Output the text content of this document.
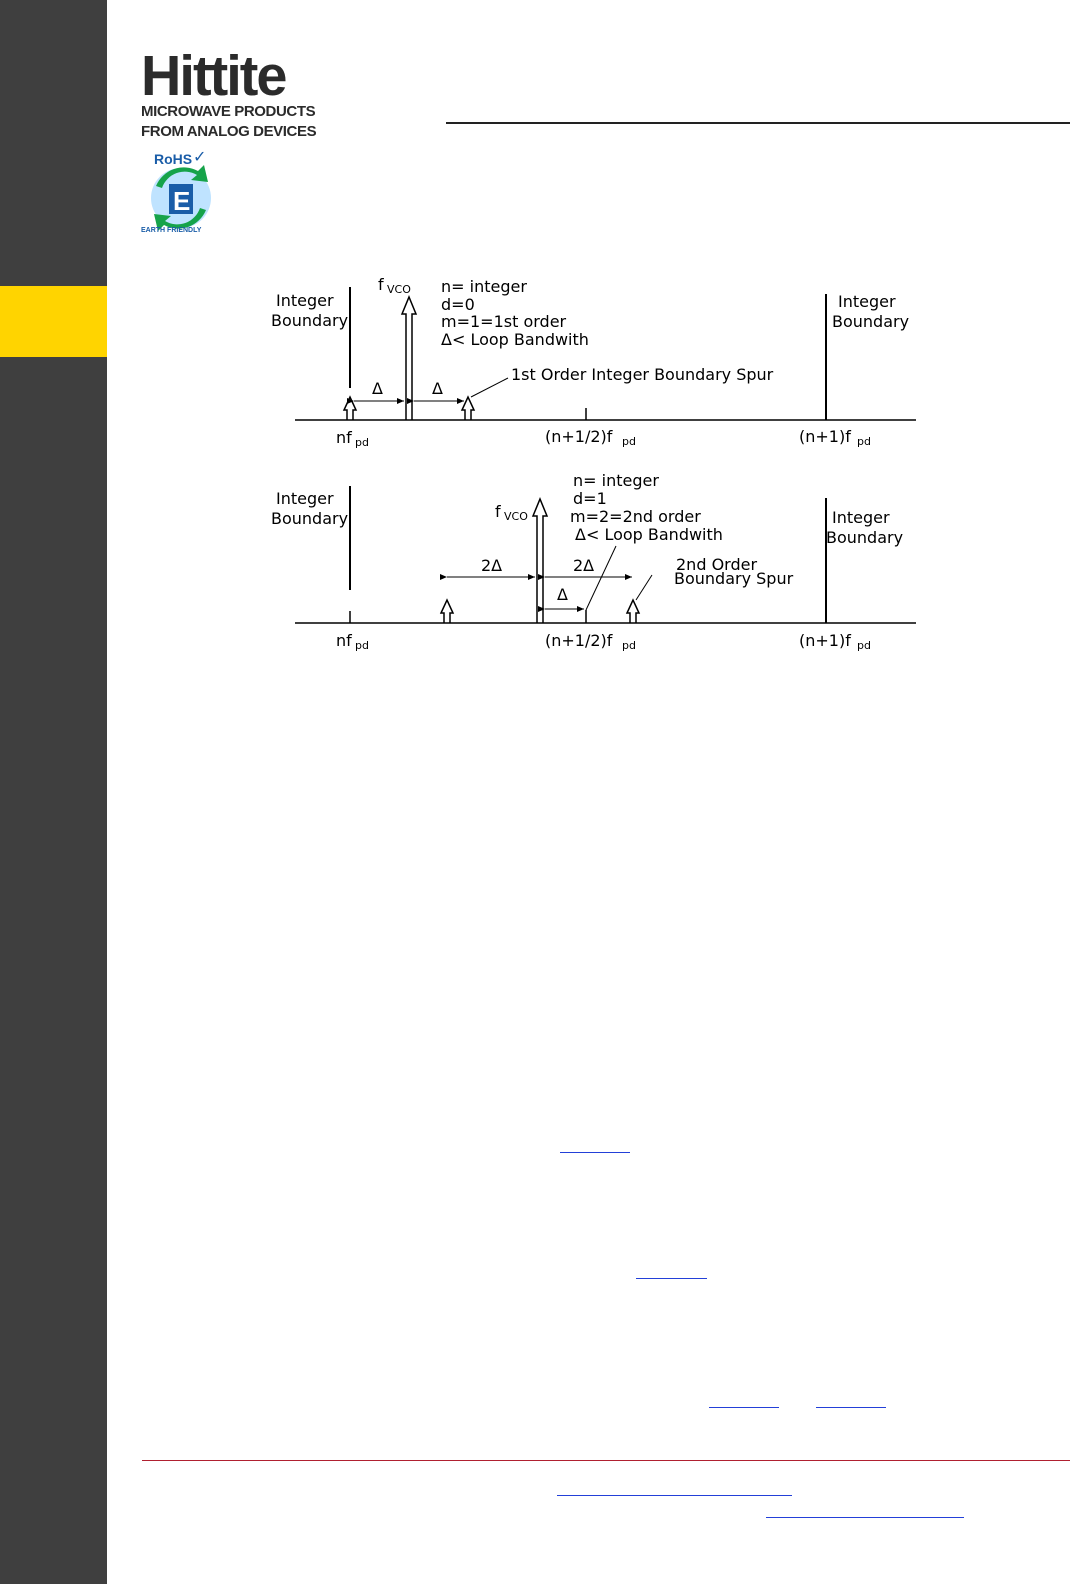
Hittite
MICROWAVE PRODUCTS
FROM ANALOG DEVICES
RoHS ✓
E
EARTH FRIENDLY
Integer
Boundary
Integer
Boundary
f VCO n= integer
d=0
m=1=1st order
Δ< Loop Bandwith
Δ	Δ
1st Order Integer Boundary Spur
nf pd	(n+1/2)f pd	(n+1)f pd
Integer
Boundary	Integer
Boundary
f VCO
n= integer
d=1
m=2=2nd order
Δ< Loop Bandwith
2Δ	2Δ
Δ
2nd Order
Boundary Spur
nf pd	(n+1/2)f pd	(n+1)f pd
